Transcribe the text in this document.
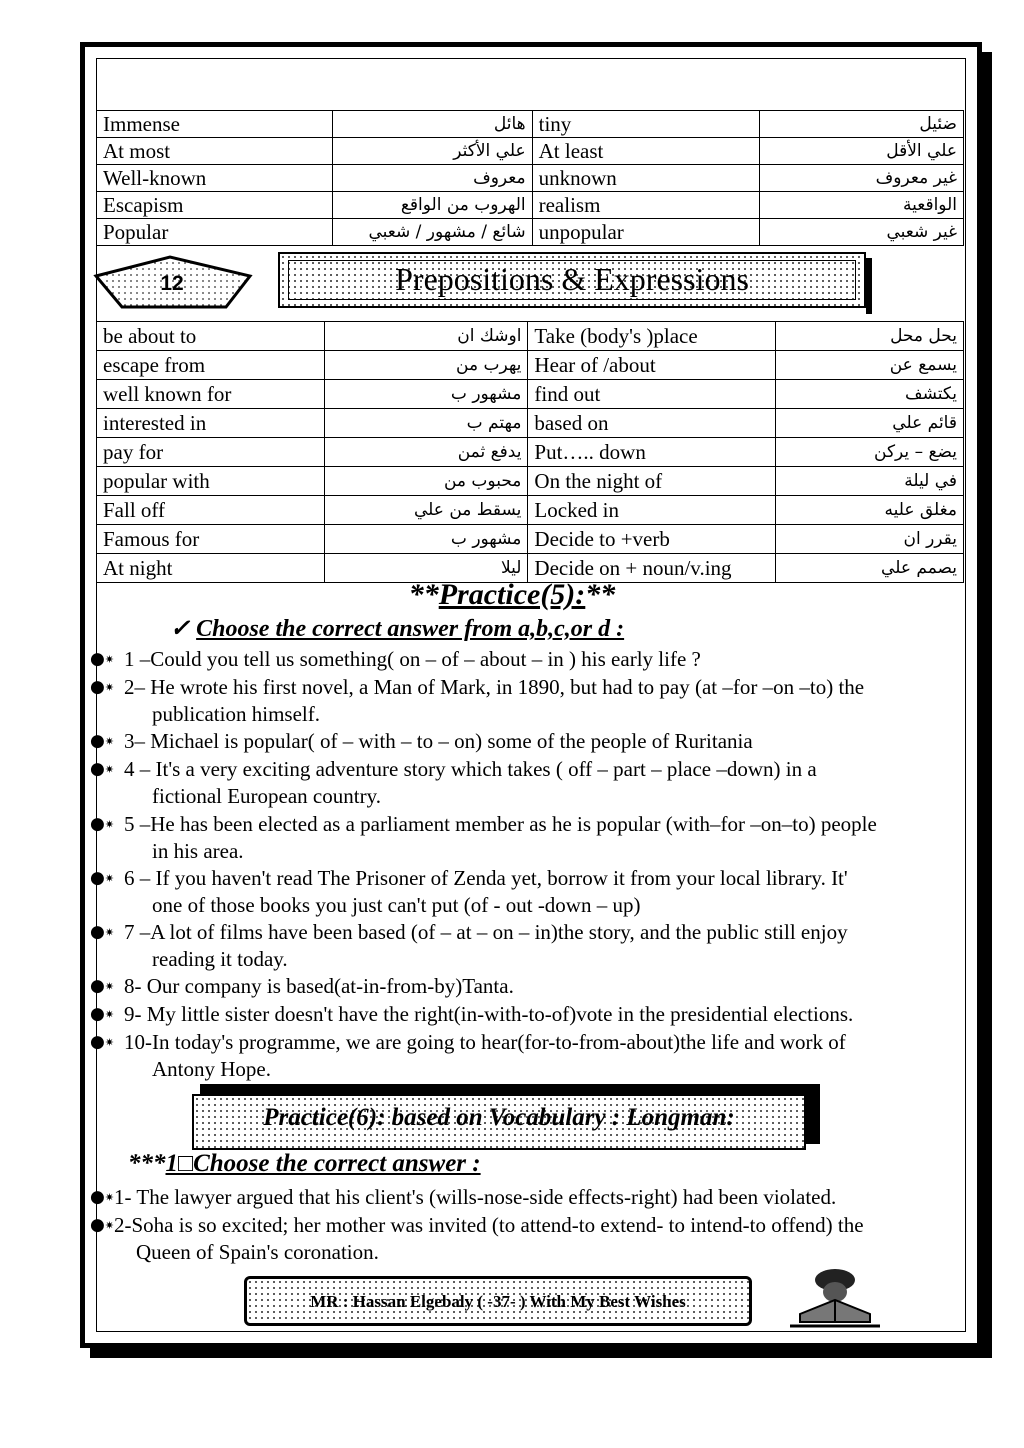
Immense	هائل	tiny	ضئيل
At most	علي الأكثر	At least	علي الأقل
Well-known	معروف	unknown	غير معروف
Escapism	الهروب من الواقع	realism	الواقعية
Popular	شائع / مشهور / شعبي	unpopular	غير شعبي
12	Prepositions & Expressions
be about to	اوشك ان	Take (body's )place	يحل محل
escape from	يهرب من	Hear of /about	يسمع عن
well known for	مشهور ب	find out	يكتشف
interested in	مهتم ب	based on	قائم علي
pay for	يدفع ثمن	Put….. down	يضع – يركن
popular with	محبوب من	On the night of	في ليلة
Fall off	يسقط من علي	Locked in	مغلق عليه
Famous for	مشهور ب	Decide to +verb	يقرر ان
At night	ليلا	Decide on + noun/v.ing	يصمم علي
**Practice(5):**
✓ Choose the correct answer from a,b,c,or d :
●✷ 1 –Could you tell us something( on – of – about – in ) his early life ?
●✷ 2– He wrote his first novel, a Man of Mark, in 1890, but had to pay (at –for –on –to) the
publication himself.
●✷ 3– Michael is popular( of – with – to – on) some of the people of Ruritania
●✷ 4 – It's a very exciting adventure story which takes ( off – part – place –down) in a
fictional European country.
●✷ 5 –He has been elected as a parliament member as he is popular (with–for –on–to) people
in his area.
●✷ 6 – If you haven't read The Prisoner of Zenda yet, borrow it from your local library. It'
one of those books you just can't put (of - out -down – up)
●✷ 7 –A lot of films have been based (of – at – on – in)the story, and the public still enjoy
reading it today.
●✷ 8- Our company is based(at-in-from-by)Tanta.
●✷ 9- My little sister doesn't have the right(in-with-to-of)vote in the presidential elections.
●✷ 10-In today's programme, we are going to hear(for-to-from-about)the life and work of
Antony Hope.
Practice(6): based on Vocabulary : Longman:
***1□Choose the correct answer :
●✷ 1- The lawyer argued that his client's (wills-nose-side effects-right) had been violated.
●✷ 2-Soha is so excited; her mother was invited (to attend-to extend- to intend-to offend) the
Queen of Spain's coronation.
MR : Hassan Elgebaly ( -37- ) With My Best Wishes
